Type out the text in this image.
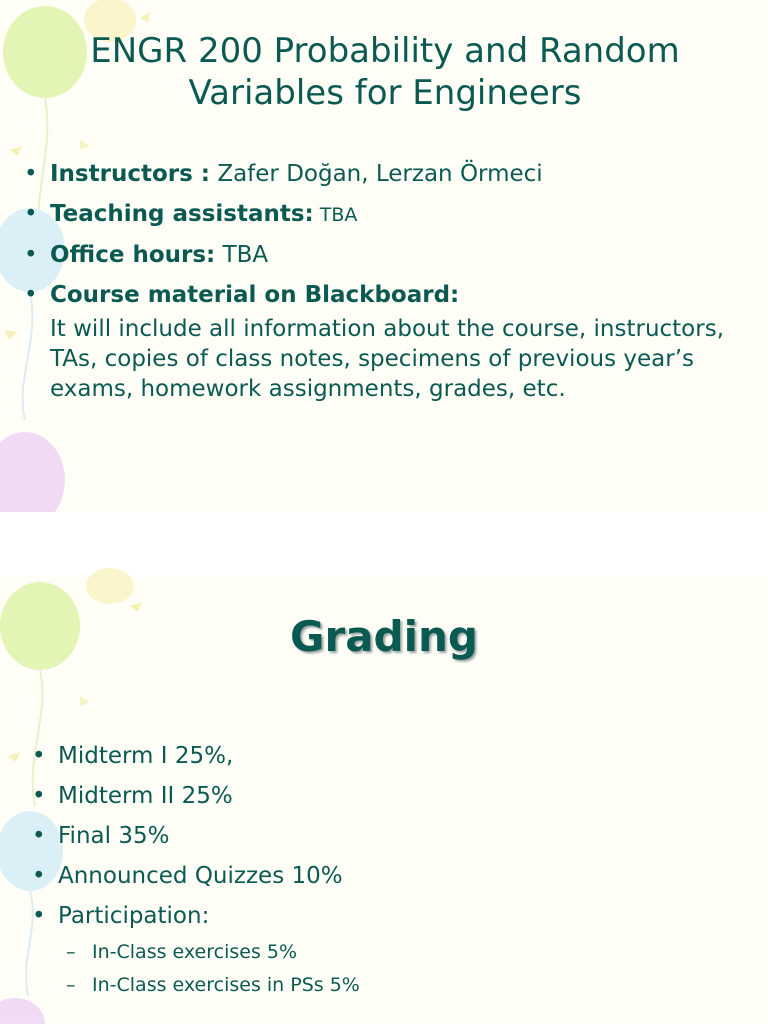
ENGR 200 Probability and Random Variables for Engineers
• Instructors : Zafer Doğan, Lerzan Örmeci
• Teaching assistants: TBA
• Office hours: TBA
• Course material on Blackboard:
It will include all information about the course, instructors, TAs, copies of class notes, specimens of previous year’s exams, homework assignments, grades, etc.
Grading
• Midterm I 25%,
• Midterm II 25%
• Final 35%
• Announced Quizzes 10%
• Participation:
– In-Class exercises 5%
– In-Class exercises in PSs 5%
